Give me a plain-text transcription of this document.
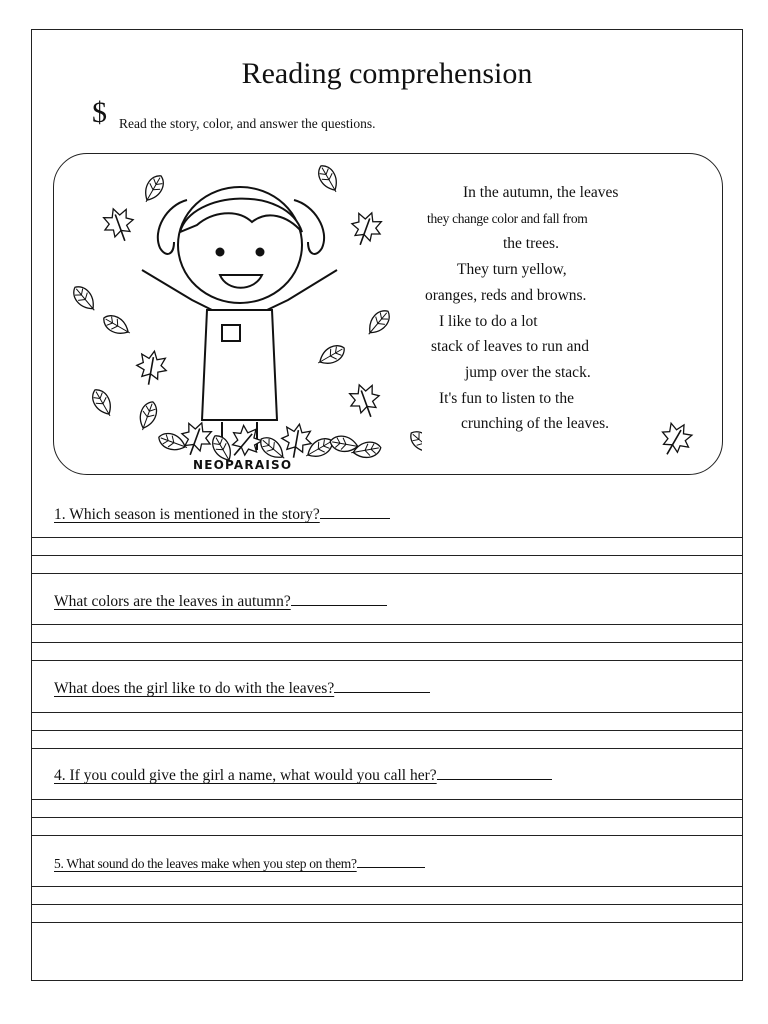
Reading comprehension
$ Read the story, color, and answer the questions.
NEOPARAISO
In the autumn, the leaves
they change color and fall from
the trees.
They turn yellow,
oranges, reds and browns.
I like to do a lot
stack of leaves to run and
jump over the stack.
It's fun to listen to the
crunching of the leaves.
1. Which season is mentioned in the story?
What colors are the leaves in autumn?
What does the girl like to do with the leaves?
4. If you could give the girl a name, what would you call her?
5. What sound do the leaves make when you step on them?
